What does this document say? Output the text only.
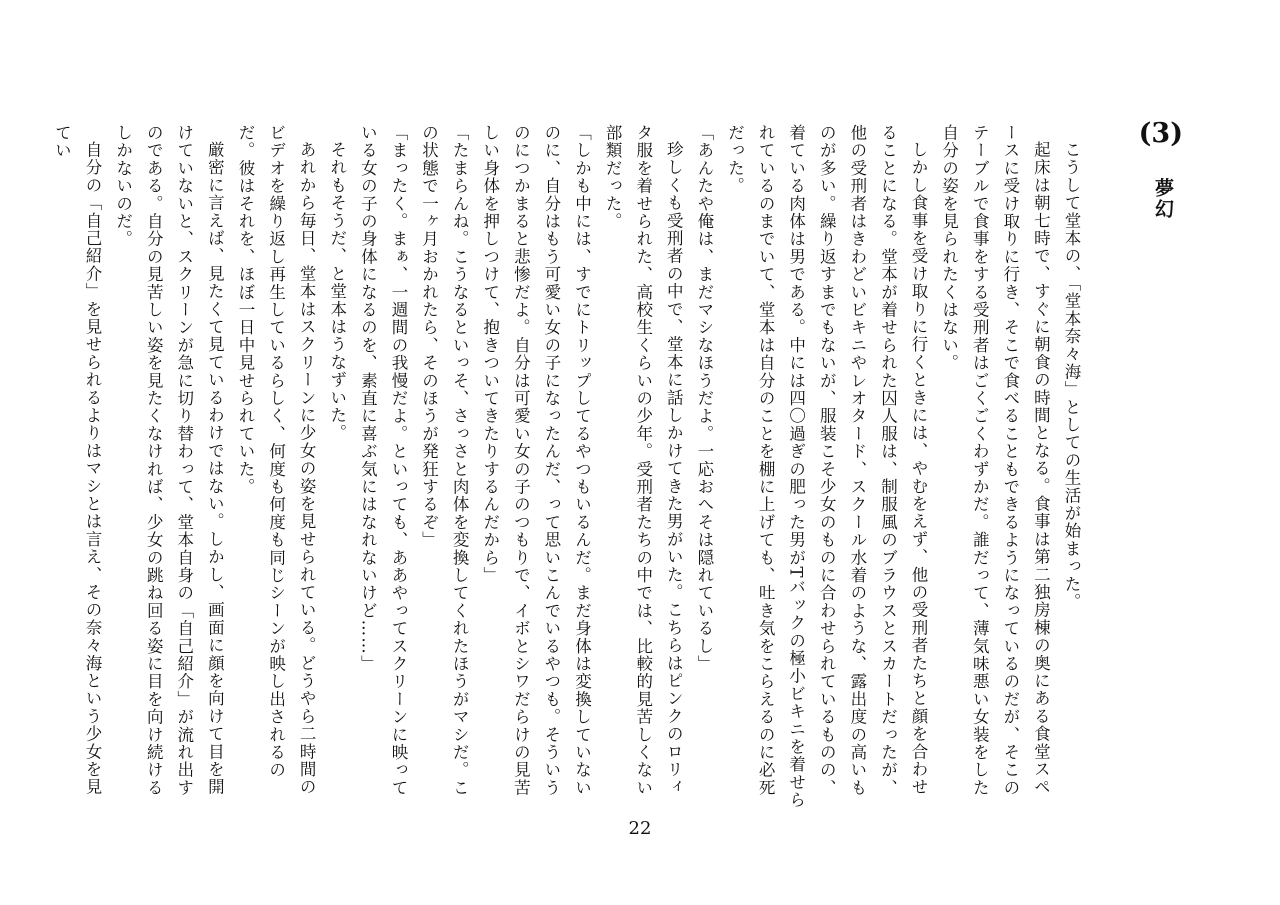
(3)
夢幻

こうして堂本の、「堂本奈々海」としての生活が始まった。

起床は朝七時で、すぐに朝食の時間となる。食事は第二独房棟の奥にある食堂スペースに受け取りに行き、そこで食べることもできるようになっているのだが、そこのテーブルで食事をする受刑者はごくごくわずかだ。誰だって、薄気味悪い女装をした自分の姿を見られたくはない。

しかし食事を受け取りに行くときには、やむをえず、他の受刑者たちと顔を合わせることになる。堂本が着せられた囚人服は、制服風のブラウスとスカートだったが、他の受刑者はきわどいビキニやレオタード、スクール水着のような、露出度の高いものが多い。繰り返すまでもないが、服装こそ少女のものに合わせられているものの、着ている肉体は男である。中には四〇過ぎの肥った男がTバックの極小ビキニを着せられているのまでいて、堂本は自分のことを棚に上げても、吐き気をこらえるのに必死だった。

「あんたや俺は、まだマシなほうだよ。一応おへそは隠れているし」

珍しくも受刑者の中で、堂本に話しかけてきた男がいた。こちらはピンクのロリィタ服を着せられた、高校生くらいの少年。受刑者たちの中では、比較的見苦しくない部類だった。

「しかも中には、すでにトリップしてるやつもいるんだ。まだ身体は変換していないのに、自分はもう可愛い女の子になったんだ、って思いこんでいるやつも。そういうのにつかまると悲惨だよ。自分は可愛い女の子のつもりで、イボとシワだらけの見苦しい身体を押しつけて、抱きついてきたりするんだから」

「たまらんね。こうなるといっそ、さっさと肉体を変換してくれたほうがマシだ。この状態で一ヶ月おかれたら、そのほうが発狂するぞ」

「まったく。まぁ、一週間の我慢だよ。といっても、ああやってスクリーンに映っている女の子の身体になるのを、素直に喜ぶ気にはなれないけど……」

それもそうだ、と堂本はうなずいた。

あれから毎日、堂本はスクリーンに少女の姿を見せられている。どうやら二時間のビデオを繰り返し再生しているらしく、何度も何度も同じシーンが映し出されるのだ。彼はそれを、ほぼ一日中見せられていた。

厳密に言えば、見たくて見ているわけではない。しかし、画面に顔を向けて目を開けていないと、スクリーンが急に切り替わって、堂本自身の「自己紹介」が流れ出すのである。自分の見苦しい姿を見たくなければ、少女の跳ね回る姿に目を向け続けるしかないのだ。

自分の「自己紹介」を見せられるよりはマシとは言え、その奈々海という少女を見てい

22
